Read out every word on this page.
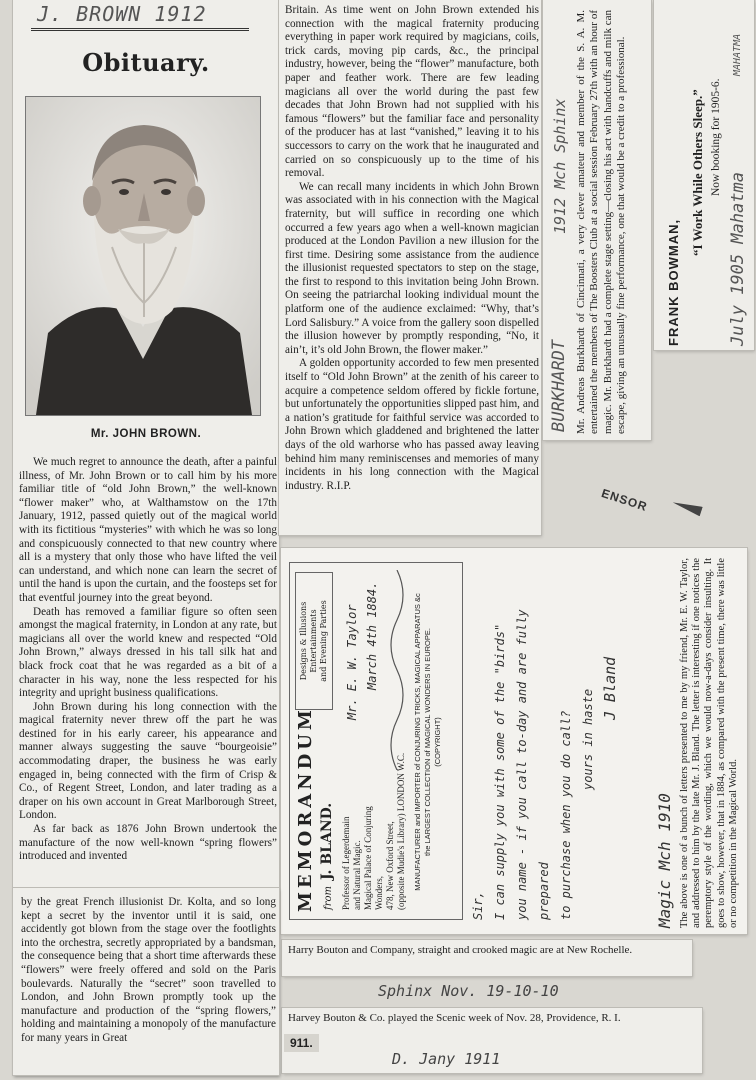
J. BROWN 1912
Obituary.
Mr. JOHN BROWN.

We much regret to announce the death, after a painful illness, of Mr. John Brown or to call him by his more familiar title of “old John Brown,” the well-known “flower maker” who, at Walthamstow on the 17th January, 1912, passed quietly out of the magical world with its fictitious “mysteries” with which he was so long and conspicuously connected to that new country where all is a mystery that only those who have lifted the veil can understand, and which none can learn the secret of until the hand is upon the curtain, and the foosteps set for that eventful journey into the great beyond.

Death has removed a familiar figure so often seen amongst the magical fraternity, in London at any rate, but magicians all over the world knew and respected “Old John Brown,” always dressed in his tall silk hat and black frock coat that he was regarded as a bit of a character in his way, none the less respected for his integrity and upright business qualifications.

John Brown during his long connection with the magical fraternity never threw off the part he was destined for in his early career, his appearance and manner always suggesting the sauve “bourgeoisie” accommodating draper, the business he was early engaged in, being connected with the firm of Crisp & Co., of Regent Street, London, and later trading as a draper on his own account in Great Marlborough Street, London.

As far back as 1876 John Brown undertook the manufacture of the now well-known “spring flowers” introduced and invented

by the great French illusionist Dr. Kolta, and so long kept a secret by the inventor until it is said, one accidently got blown from the stage over the footlights into the orchestra, secretly appropriated by a bandsman, the consequence being that a short time afterwards these “flowers” were freely offered and sold on the Paris boulevards. Naturally the “secret” soon travelled to London, and John Brown promptly took up the manufacture and production of the “spring flowers,” holding and maintaining a monopoly of the manufacture for many years in Great

Britain. As time went on John Brown extended his connection with the magical fraternity producing everything in paper work required by magicians, coils, trick cards, moving pip cards, &c., the principal industry, however, being the “flower” manufacture, both paper and feather work. There are few leading magicians all over the world during the past few decades that John Brown had not supplied with his famous “flowers” but the familiar face and personality of the producer has at last “vanished,” leaving it to his successors to carry on the work that he inaugurated and carried on so conspicuously up to the time of his removal.

We can recall many incidents in which John Brown was associated with in his connection with the Magical fraternity, but will suffice in recording one which occurred a few years ago when a well-known magician produced at the London Pavilion a new illusion for the first time. Desiring some assistance from the audience the illusionist requested spectators to step on the stage, the first to respond to this invitation being John Brown. On seeing the patriarchal looking individual mount the platform one of the audience exclaimed: “Why, that’s Lord Salisbury.” A voice from the gallery soon dispelled the illusion however by promptly responding, “No, it ain’t, it’s old John Brown, the flower maker.”

A golden opportunity accorded to few men presented itself to “Old John Brown” at the zenith of his career to acquire a competence seldom offered by fickle fortune, but unfortunately the opportunities slipped past him, and a nation’s gratitude for faithful service was accorded to John Brown which gladdened and brightened the latter days of the old warhorse who has passed away leaving behind him many reminiscenses and memories of many incidents in his long connection with the Magical industry. R.I.P.

BURKHARDT
1912 Mch Sphinx Mr. Andreas Burkhardt of Cincinnati, a very clever amateur and member of the S. A. M. entertained the members of The Boosters Club at a social session February 27th with an hour of magic. Mr. Burkhardt had a complete stage setting—closing his act with handcuffs and milk can escape, giving an unusually fine performance, one that would be a credit to a professional.	FRANK BOWMAN,
“I Work While Others Sleep.” Now booking for 1905-6.
July 1905 Mahatma
MAHATMA
ENSOR
MEMORANDUM from
J. BLAND. Professor of Legerdemain and Natural Magic. Magical Palace of Conjuring Wonders, 478, New Oxford Street, (opposite Mudie's Library) LONDON W.C.
Designs & Illusions Entertainments and Evening Parties Mr. E. W. Taylor March 4th 1884.	MANUFACTURER and IMPORTER of CONJURING TRICKS, MAGICAL APPARATUS &c the LARGEST COLLECTION of MAGICAL WONDERS IN EUROPE. (COPYRIGHT)
Sir, I can supply you with some of the "birds" you name - if you call to-day and are fully prepared to purchase when you do call? yours in haste
J Bland
Magic Mch 1910 The above is one of a bunch of letters presented to me by my friend, Mr. E. W. Taylor, and addressed to him by the late Mr. J. Bland. The letter is interesting if one notices the peremptory style of the wording, which we would now-a-days consider insulting. It goes to show, however, that in 1884, as compared with the present time, there was little or no competition in the Magical World.
Harry Bouton and Company, straight and crooked magic are at New Rochelle.
Sphinx Nov. 19-10-10
Harvey Bouton & Co. played the Scenic week of Nov. 28, Providence, R. I.
D. Jany 1911
911.
